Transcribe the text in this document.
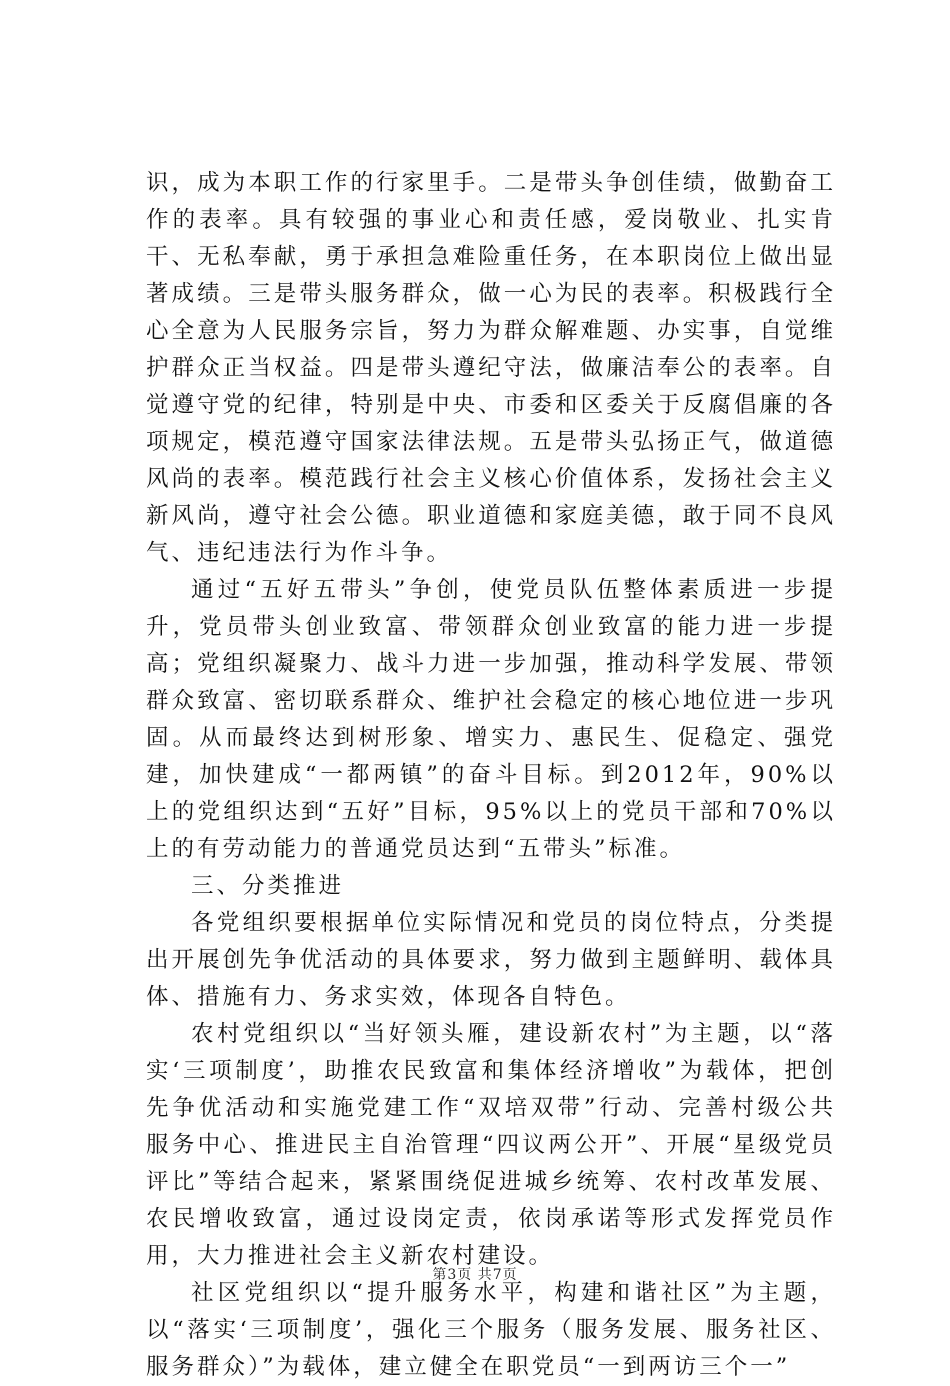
识，成为本职工作的行家里手。二是带头争创佳绩，做勤奋工作的表率。具有较强的事业心和责任感，爱岗敬业、扎实肯干、无私奉献，勇于承担急难险重任务，在本职岗位上做出显著成绩。三是带头服务群众，做一心为民的表率。积极践行全心全意为人民服务宗旨，努力为群众解难题、办实事，自觉维护群众正当权益。四是带头遵纪守法，做廉洁奉公的表率。自觉遵守党的纪律，特别是中央、市委和区委关于反腐倡廉的各项规定，模范遵守国家法律法规。五是带头弘扬正气，做道德风尚的表率。模范践行社会主义核心价值体系，发扬社会主义新风尚，遵守社会公德。职业道德和家庭美德，敢于同不良风气、违纪违法行为作斗争。

通过“五好五带头”争创，使党员队伍整体素质进一步提升，党员带头创业致富、带领群众创业致富的能力进一步提高；党组织凝聚力、战斗力进一步加强，推动科学发展、带领群众致富、密切联系群众、维护社会稳定的核心地位进一步巩固。从而最终达到树形象、增实力、惠民生、促稳定、强党建，加快建成“一都两镇”的奋斗目标。到2012年，90%以上的党组织达到“五好”目标，95%以上的党员干部和70%以上的有劳动能力的普通党员达到“五带头”标准。

三、分类推进

各党组织要根据单位实际情况和党员的岗位特点，分类提出开展创先争优活动的具体要求，努力做到主题鲜明、载体具体、措施有力、务求实效，体现各自特色。

农村党组织以“当好领头雁，建设新农村”为主题，以“落实‘三项制度’，助推农民致富和集体经济增收”为载体，把创先争优活动和实施党建工作“双培双带”行动、完善村级公共服务中心、推进民主自治管理“四议两公开”、开展“星级党员评比”等结合起来，紧紧围绕促进城乡统筹、农村改革发展、农民增收致富，通过设岗定责，依岗承诺等形式发挥党员作用，大力推进社会主义新农村建设。

社区党组织以“提升服务水平，构建和谐社区”为主题，以“落实‘三项制度’，强化三个服务（服务发展、服务社区、服务群众）”为载体，建立健全在职党员“一到两访三个一”

第3页 共7页
